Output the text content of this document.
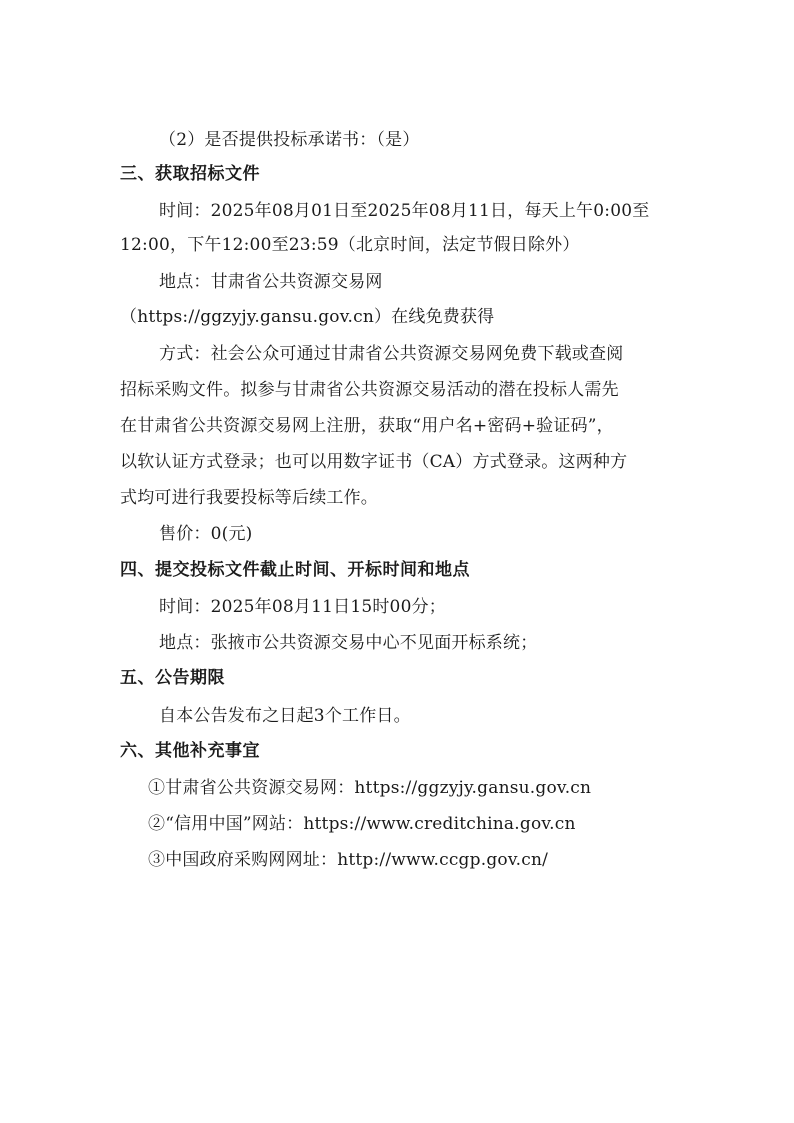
（2）是否提供投标承诺书：（是）
三、获取招标文件
时间：2025年08月01日至2025年08月11日，每天上午0:00至
12:00，下午12:00至23:59（北京时间，法定节假日除外）
地点：甘肃省公共资源交易网
（https://ggzyjy.gansu.gov.cn）在线免费获得
方式：社会公众可通过甘肃省公共资源交易网免费下载或查阅
招标采购文件。拟参与甘肃省公共资源交易活动的潜在投标人需先
在甘肃省公共资源交易网上注册，获取“用户名+密码+验证码”，
以软认证方式登录；也可以用数字证书（CA）方式登录。这两种方
式均可进行我要投标等后续工作。
售价：0(元)
四、提交投标文件截止时间、开标时间和地点
时间：2025年08月11日15时00分；
地点：张掖市公共资源交易中心不见面开标系统；
五、公告期限
自本公告发布之日起3个工作日。
六、其他补充事宜
①甘肃省公共资源交易网：https://ggzyjy.gansu.gov.cn
②“信用中国”网站：https://www.creditchina.gov.cn
③中国政府采购网网址：http://www.ccgp.gov.cn/
